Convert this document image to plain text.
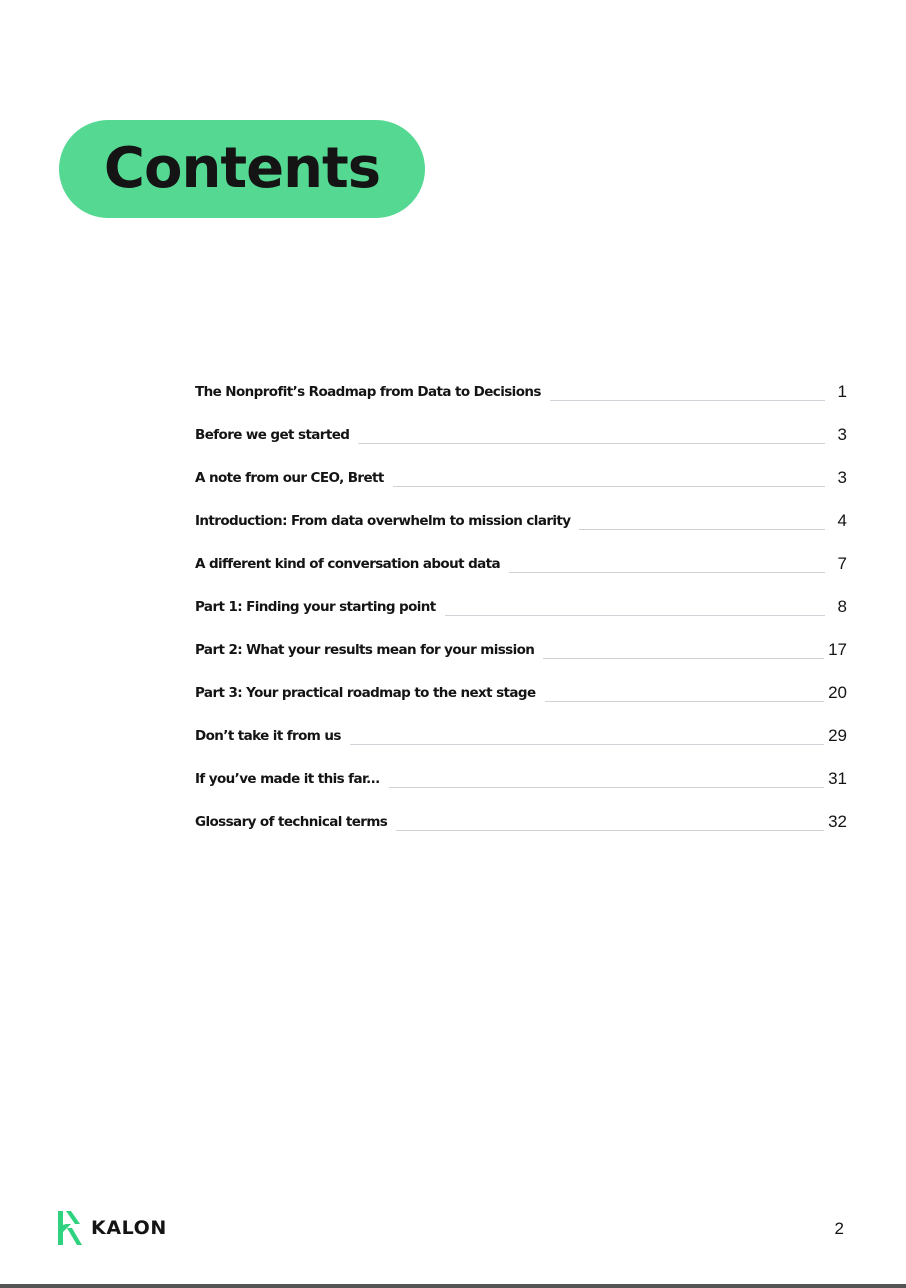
Contents
The Nonprofit’s Roadmap from Data to Decisions	1
Before we get started	3
A note from our CEO, Brett	3
Introduction: From data overwhelm to mission clarity	4
A different kind of conversation about data	7
Part 1: Finding your starting point	8
Part 2: What your results mean for your mission	17
Part 3: Your practical roadmap to the next stage	20
Don’t take it from us	29
If you’ve made it this far...	31
Glossary of technical terms	32
KALON	2
